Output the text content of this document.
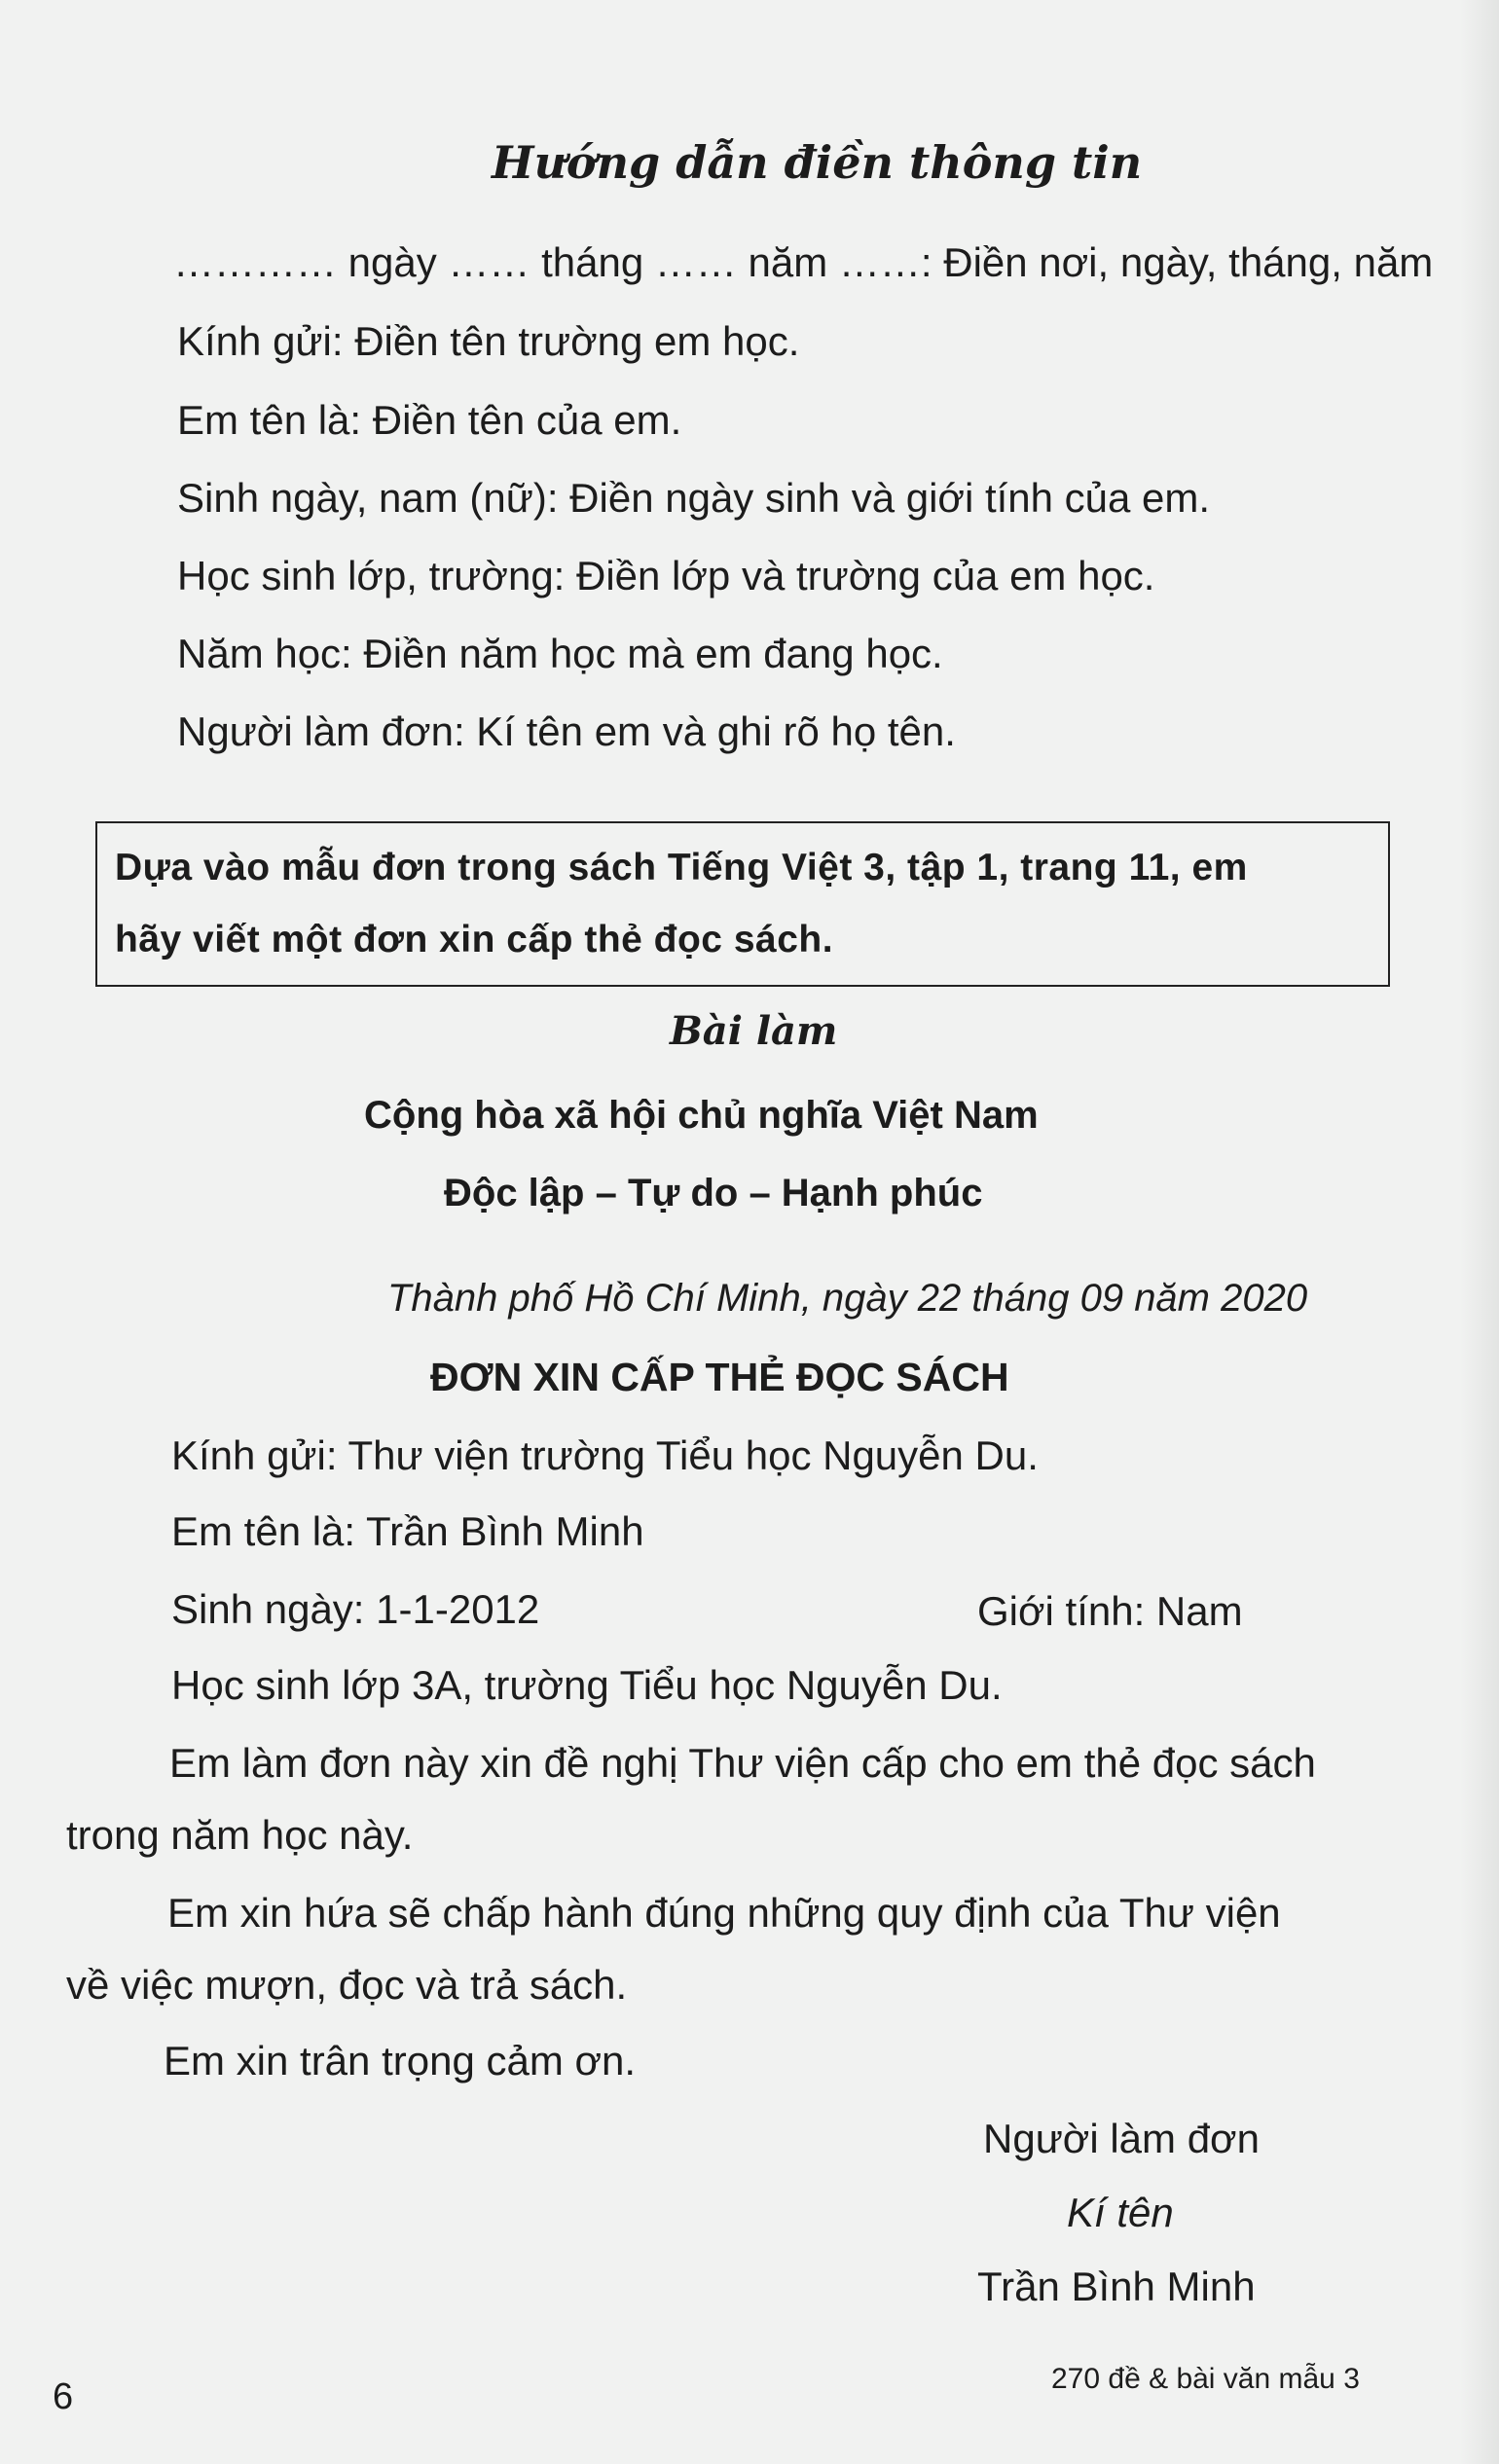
Hướng dẫn điền thông tin
………… ngày …… tháng …… năm ……: Điền nơi, ngày, tháng, năm
Kính gửi: Điền tên trường em học.
Em tên là: Điền tên của em.
Sinh ngày, nam (nữ): Điền ngày sinh và giới tính của em.
Học sinh lớp, trường: Điền lớp và trường của em học.
Năm học: Điền năm học mà em đang học.
Người làm đơn: Kí tên em và ghi rõ họ tên.
Dựa vào mẫu đơn trong sách Tiếng Việt 3, tập 1, trang 11, em
hãy viết một đơn xin cấp thẻ đọc sách.
Bài làm
Cộng hòa xã hội chủ nghĩa Việt Nam
Độc lập – Tự do – Hạnh phúc
Thành phố Hồ Chí Minh, ngày 22 tháng 09 năm 2020
ĐƠN XIN CẤP THẺ ĐỌC SÁCH
Kính gửi: Thư viện trường Tiểu học Nguyễn Du.
Em tên là: Trần Bình Minh
Sinh ngày: 1-1-2012	Giới tính: Nam
Học sinh lớp 3A, trường Tiểu học Nguyễn Du.
Em làm đơn này xin đề nghị Thư viện cấp cho em thẻ đọc sách
trong năm học này.
Em xin hứa sẽ chấp hành đúng những quy định của Thư viện
về việc mượn, đọc và trả sách.
Em xin trân trọng cảm ơn.
Người làm đơn
Kí tên
Trần Bình Minh
6	270 đề & bài văn mẫu 3
